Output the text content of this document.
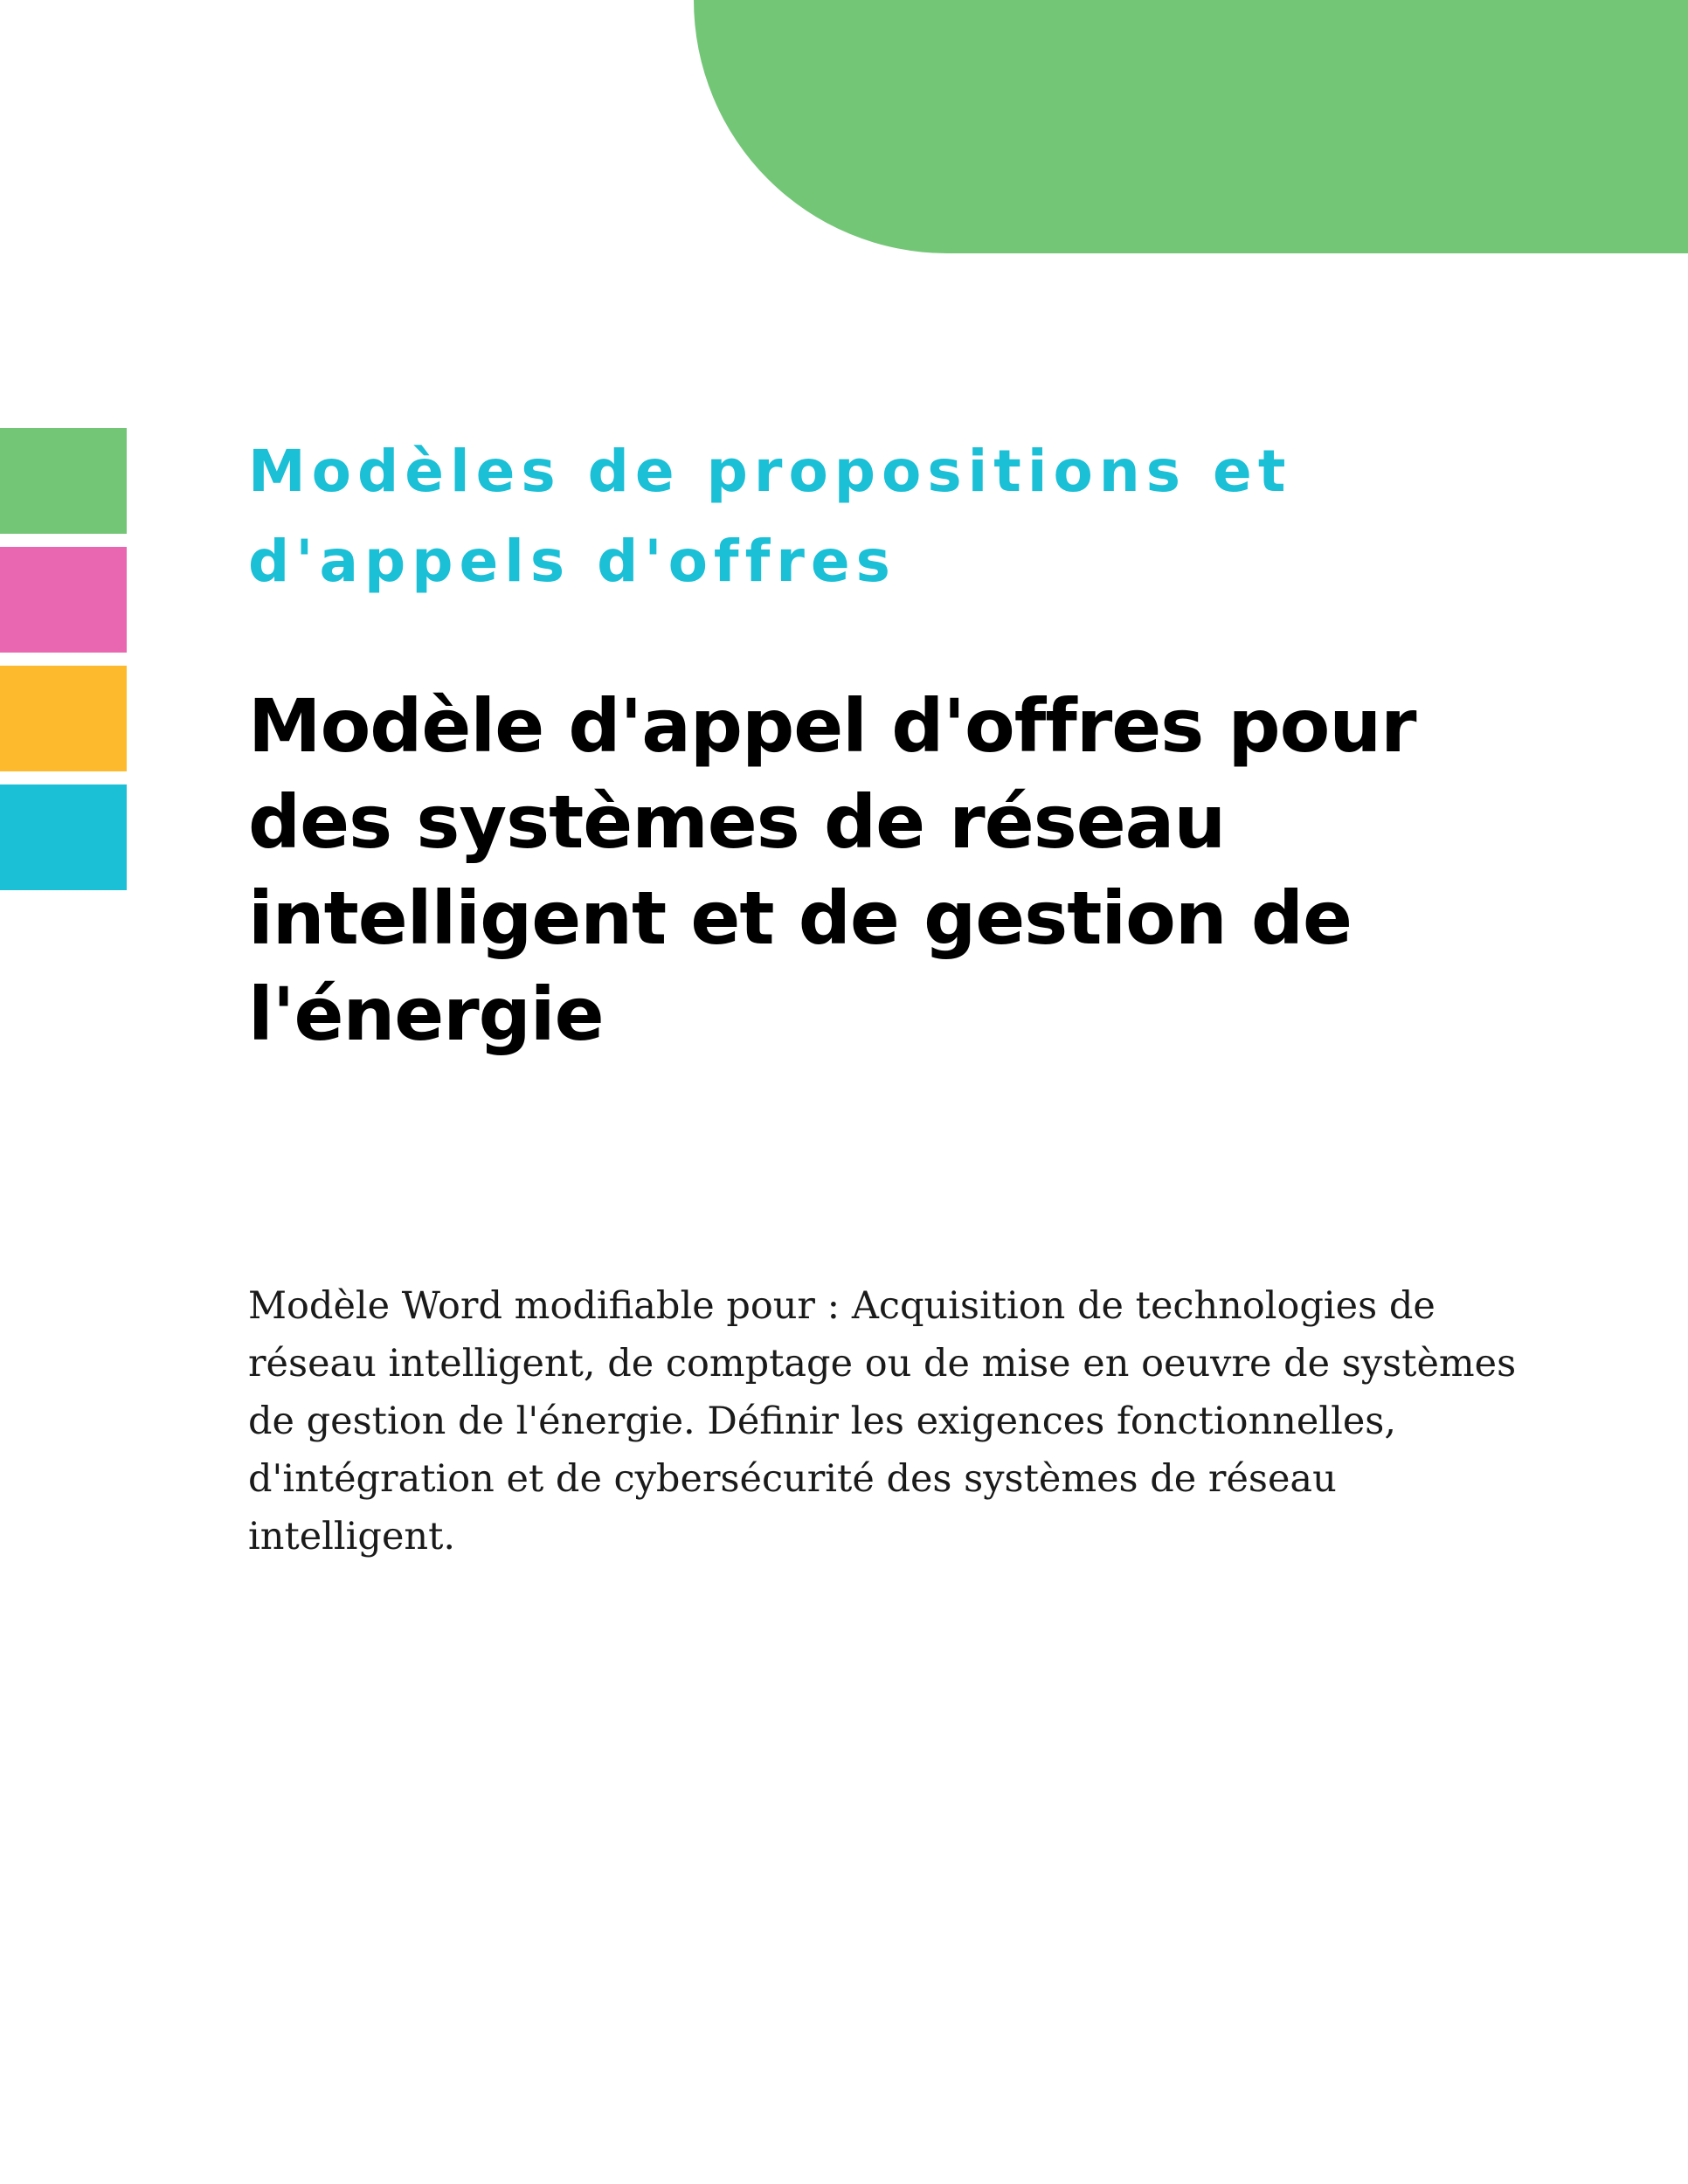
Modèles de propositions et d'appels d'offres
Modèle d'appel d'offres pour des systèmes de réseau intelligent et de gestion de l'énergie

Modèle Word modifiable pour : Acquisition de technologies de réseau intelligent, de comptage ou de mise en oeuvre de systèmes de gestion de l'énergie. Définir les exigences fonctionnelles, d'intégration et de cybersécurité des systèmes de réseau intelligent.
